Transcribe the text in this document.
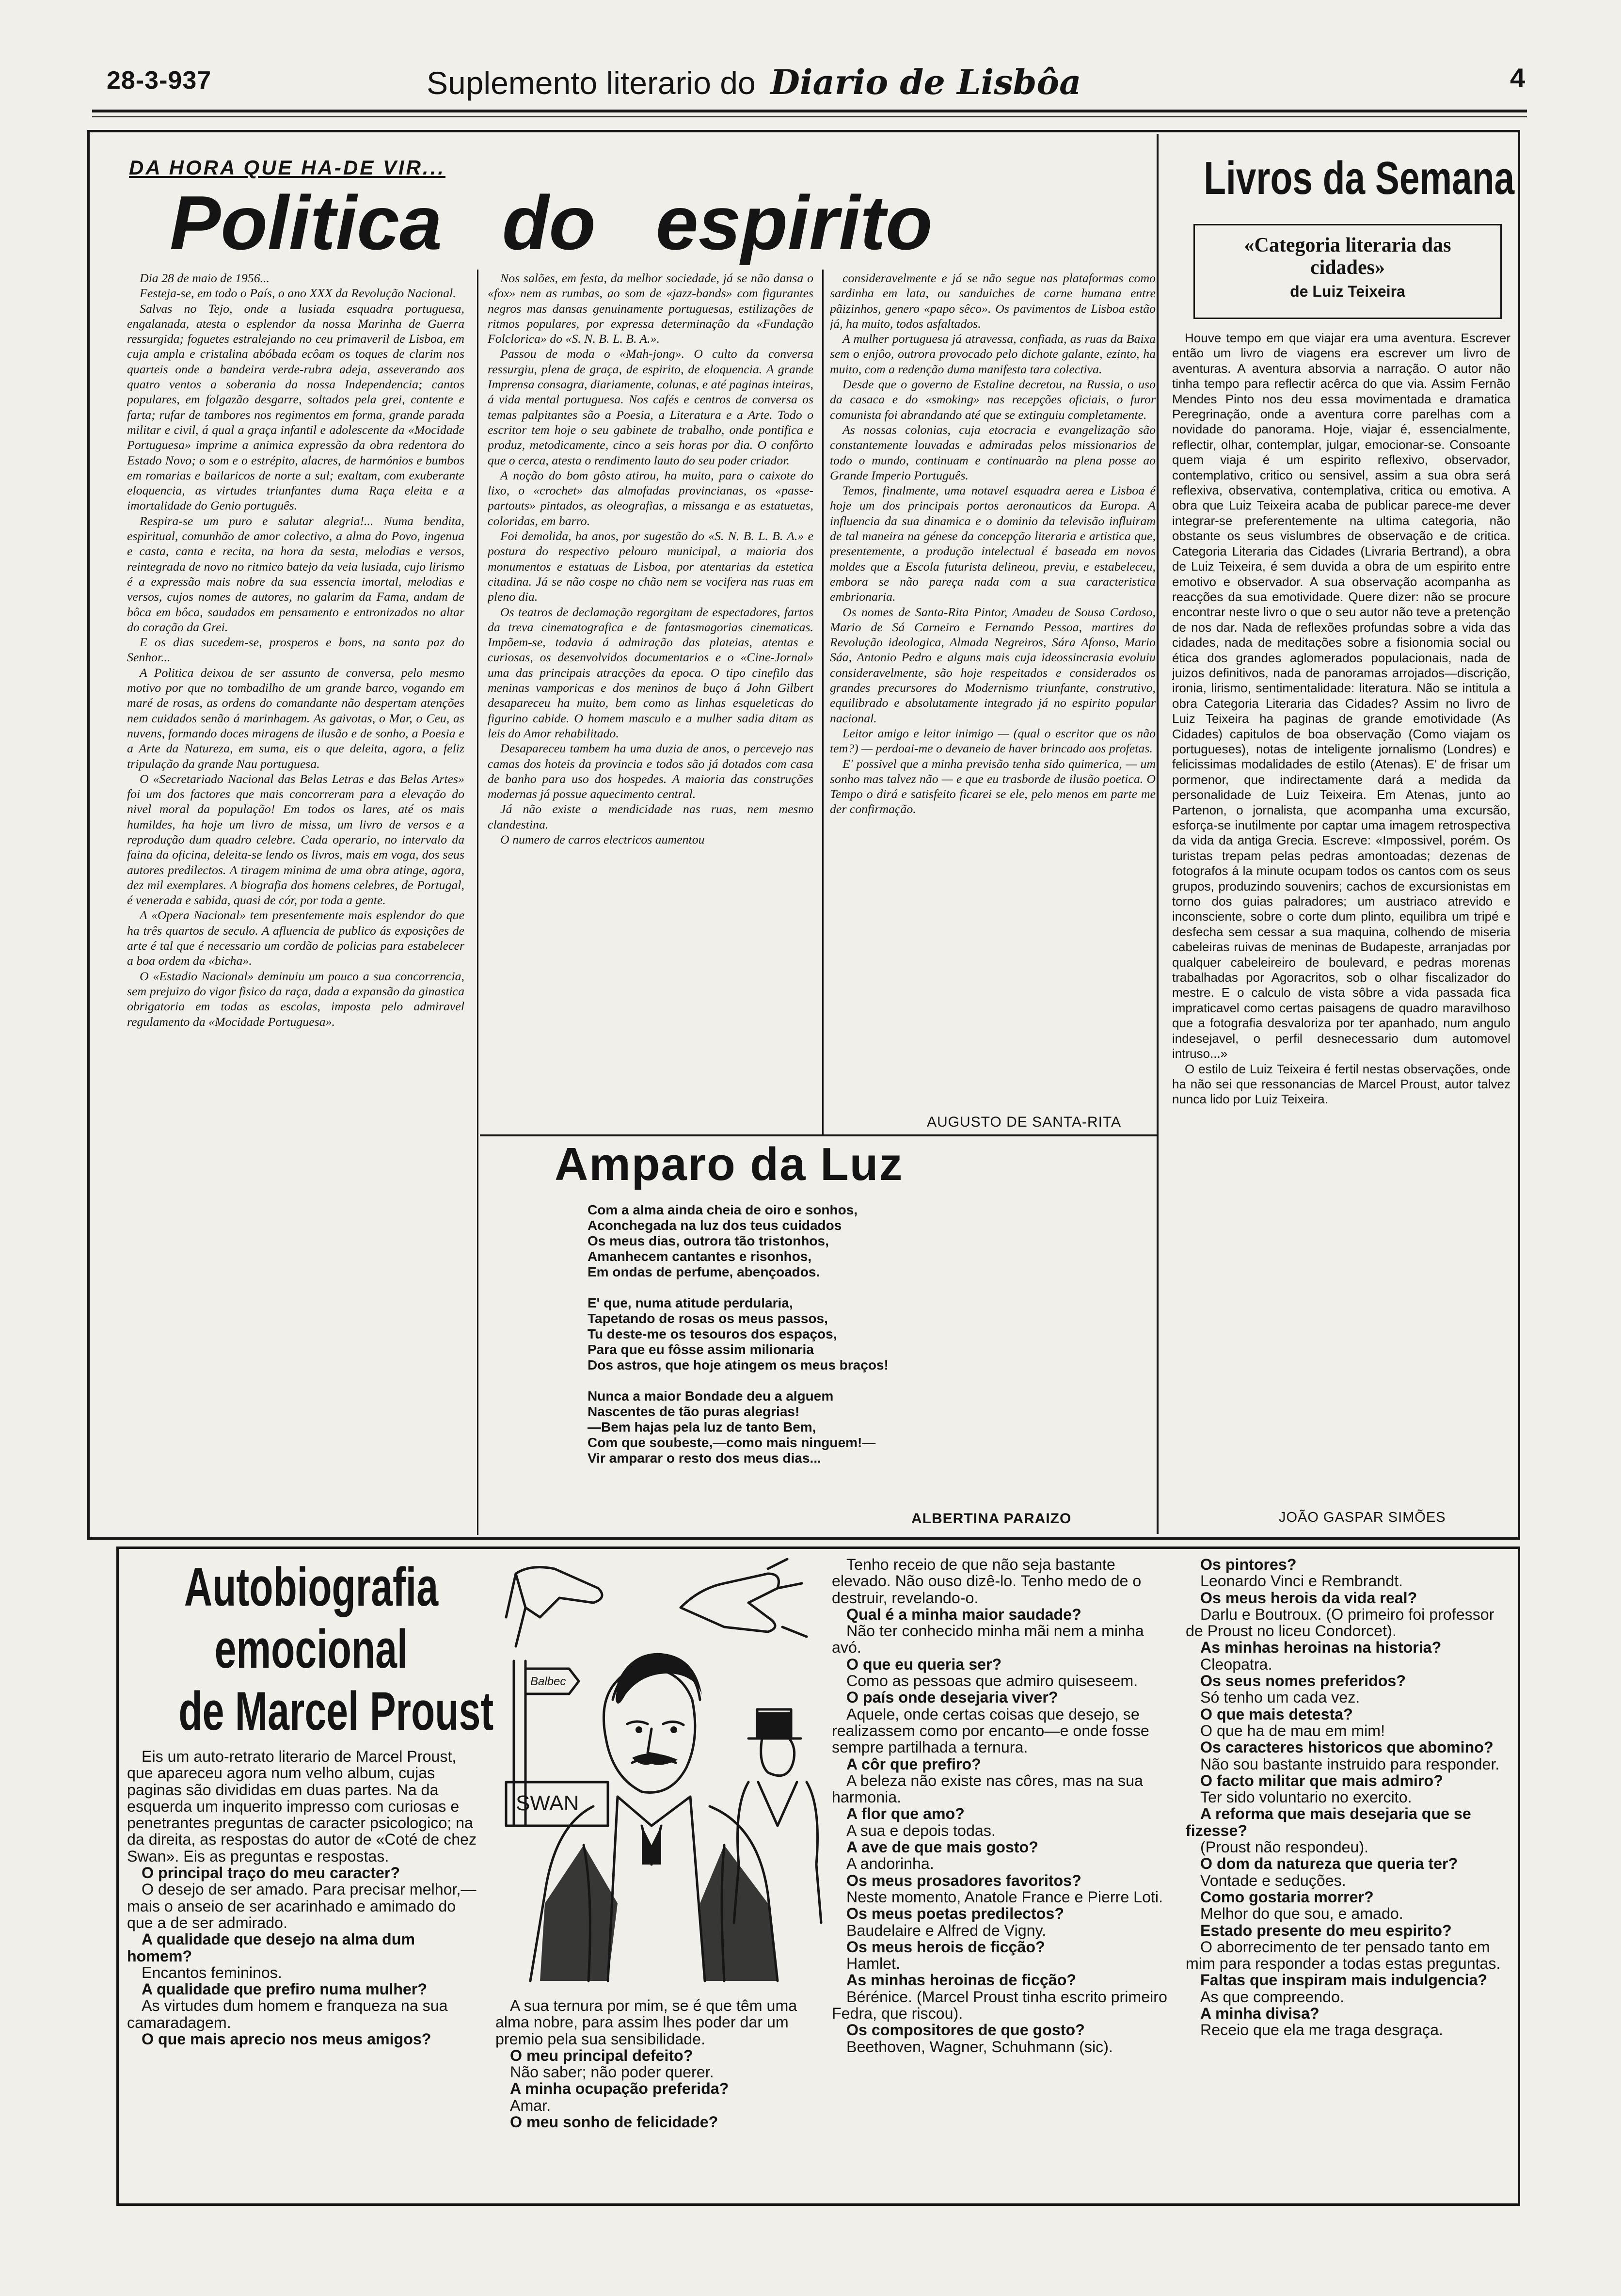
28-3-937	Suplemento literario do Diario de Lisbôa	4
DA HORA QUE HA-DE VIR...
Politica do espirito

Dia 28 de maio de 1956...

Festeja-se, em todo o País, o ano XXX da Revolução Nacional.

Salvas no Tejo, onde a lusiada esquadra portuguesa, engalanada, atesta o esplendor da nossa Marinha de Guerra ressurgida; foguetes estralejando no ceu primaveril de Lisboa, em cuja ampla e cristalina abóbada ecôam os toques de clarim nos quarteis onde a bandeira verde-rubra adeja, asseverando aos quatro ventos a soberania da nossa Independencia; cantos populares, em folgazão desgarre, soltados pela grei, contente e farta; rufar de tambores nos regimentos em forma, grande parada militar e civil, á qual a graça infantil e adolescente da «Mocidade Portuguesa» imprime a animica expressão da obra redentora do Estado Novo; o som e o estrépito, alacres, de harmónios e bumbos em romarias e bailaricos de norte a sul; exaltam, com exuberante eloquencia, as virtudes triunfantes duma Raça eleita e a imortalidade do Genio português.

Respira-se um puro e salutar alegria!... Numa bendita, espiritual, comunhão de amor colectivo, a alma do Povo, ingenua e casta, canta e recita, na hora da sesta, melodias e versos, reintegrada de novo no ritmico batejo da veia lusiada, cujo lirismo é a expressão mais nobre da sua essencia imortal, melodias e versos, cujos nomes de autores, no galarim da Fama, andam de bôca em bôca, saudados em pensamento e entronizados no altar do coração da Grei.

E os dias sucedem-se, prosperos e bons, na santa paz do Senhor...

A Politica deixou de ser assunto de conversa, pelo mesmo motivo por que no tombadilho de um grande barco, vogando em maré de rosas, as ordens do comandante não despertam atenções nem cuidados senão á marinhagem. As gaivotas, o Mar, o Ceu, as nuvens, formando doces miragens de ilusão e de sonho, a Poesia e a Arte da Natureza, em suma, eis o que deleita, agora, a feliz tripulação da grande Nau portuguesa.

O «Secretariado Nacional das Belas Letras e das Belas Artes» foi um dos factores que mais concorreram para a elevação do nivel moral da população! Em todos os lares, até os mais humildes, ha hoje um livro de missa, um livro de versos e a reprodução dum quadro celebre. Cada operario, no intervalo da faina da oficina, deleita-se lendo os livros, mais em voga, dos seus autores predilectos. A tiragem minima de uma obra atinge, agora, dez mil exemplares. A biografia dos homens celebres, de Portugal, é venerada e sabida, quasi de cór, por toda a gente.

A «Opera Nacional» tem presentemente mais esplendor do que ha três quartos de seculo. A afluencia de publico ás exposições de arte é tal que é necessario um cordão de policias para estabelecer a boa ordem da «bicha».

O «Estadio Nacional» deminuiu um pouco a sua concorrencia, sem prejuizo do vigor fisico da raça, dada a expansão da ginastica obrigatoria em todas as escolas, imposta pelo admiravel regulamento da «Mocidade Portuguesa».

Nos salões, em festa, da melhor sociedade, já se não dansa o «fox» nem as rumbas, ao som de «jazz-bands» com figurantes negros mas dansas genuinamente portuguesas, estilizações de ritmos populares, por expressa determinação da «Fundação Folclorica» do «S. N. B. L. B. A.».

Passou de moda o «Mah-jong». O culto da conversa ressurgiu, plena de graça, de espirito, de eloquencia. A grande Imprensa consagra, diariamente, colunas, e até paginas inteiras, á vida mental portuguesa. Nos cafés e centros de conversa os temas palpitantes são a Poesia, a Literatura e a Arte. Todo o escritor tem hoje o seu gabinete de trabalho, onde pontifica e produz, metodicamente, cinco a seis horas por dia. O confôrto que o cerca, atesta o rendimento lauto do seu poder criador.

A noção do bom gôsto atirou, ha muito, para o caixote do lixo, o «crochet» das almofadas provincianas, os «passe-partouts» pintados, as oleografias, a missanga e as estatuetas, coloridas, em barro.

Foi demolida, ha anos, por sugestão do «S. N. B. L. B. A.» e postura do respectivo pelouro municipal, a maioria dos monumentos e estatuas de Lisboa, por atentarias da estetica citadina. Já se não cospe no chão nem se vocifera nas ruas em pleno dia.

Os teatros de declamação regorgitam de espectadores, fartos da treva cinematografica e de fantasmagorias cinematicas. Impõem-se, todavia á admiração das plateias, atentas e curiosas, os desenvolvidos documentarios e o «Cine-Jornal» uma das principais atracções da epoca. O tipo cinefilo das meninas vamporicas e dos meninos de buço á John Gilbert desapareceu ha muito, bem como as linhas esqueleticas do figurino cabide. O homem masculo e a mulher sadia ditam as leis do Amor rehabilitado.

Desapareceu tambem ha uma duzia de anos, o percevejo nas camas dos hoteis da provincia e todos são já dotados com casa de banho para uso dos hospedes. A maioria das construções modernas já possue aquecimento central.

Já não existe a mendicidade nas ruas, nem mesmo clandestina.

O numero de carros electricos aumentou

consideravelmente e já se não segue nas plataformas como sardinha em lata, ou sanduiches de carne humana entre pãizinhos, genero «papo sêco». Os pavimentos de Lisboa estão já, ha muito, todos asfaltados.

A mulher portuguesa já atravessa, confiada, as ruas da Baixa sem o enjôo, outrora provocado pelo dichote galante, ezinto, ha muito, com a redenção duma manifesta tara colectiva.

Desde que o governo de Estaline decretou, na Russia, o uso da casaca e do «smoking» nas recepções oficiais, o furor comunista foi abrandando até que se extinguiu completamente.

As nossas colonias, cuja etocracia e evangelização são constantemente louvadas e admiradas pelos missionarios de todo o mundo, continuam e continuarão na plena posse ao Grande Imperio Português.

Temos, finalmente, uma notavel esquadra aerea e Lisboa é hoje um dos principais portos aeronauticos da Europa. A influencia da sua dinamica e o dominio da televisão influiram de tal maneira na génese da concepção literaria e artistica que, presentemente, a produção intelectual é baseada em novos moldes que a Escola futurista delineou, previu, e estabeleceu, embora se não pareça nada com a sua caracteristica embrionaria.

Os nomes de Santa-Rita Pintor, Amadeu de Sousa Cardoso, Mario de Sá Carneiro e Fernando Pessoa, martires da Revolução ideologica, Almada Negreiros, Sára Afonso, Mario Sáa, Antonio Pedro e alguns mais cuja ideossincrasia evoluiu consideravelmente, são hoje respeitados e considerados os grandes precursores do Modernismo triunfante, construtivo, equilibrado e absolutamente integrado já no espirito popular nacional.

Leitor amigo e leitor inimigo — (qual o escritor que os não tem?) — perdoai-me o devaneio de haver brincado aos profetas.

E' possivel que a minha previsão tenha sido quimerica, — um sonho mas talvez não — e que eu trasborde de ilusão poetica. O Tempo o dirá e satisfeito ficarei se ele, pelo menos em parte me der confirmação.

AUGUSTO DE SANTA-RITA
Livros da Semana
«Categoria literaria das cidades»
de Luiz Teixeira

Houve tempo em que viajar era uma aventura. Escrever então um livro de viagens era escrever um livro de aventuras. A aventura absorvia a narração. O autor não tinha tempo para reflectir acêrca do que via. Assim Fernão Mendes Pinto nos deu essa movimentada e dramatica Peregrinação, onde a aventura corre parelhas com a novidade do panorama. Hoje, viajar é, essencialmente, reflectir, olhar, contemplar, julgar, emocionar-se. Consoante quem viaja é um espirito reflexivo, observador, contemplativo, critico ou sensivel, assim a sua obra será reflexiva, observativa, contemplativa, critica ou emotiva. A obra que Luiz Teixeira acaba de publicar parece-me dever integrar-se preferentemente na ultima categoria, não obstante os seus vislumbres de observação e de critica. Categoria Literaria das Cidades (Livraria Bertrand), a obra de Luiz Teixeira, é sem duvida a obra de um espirito entre emotivo e observador. A sua observação acompanha as reacções da sua emotividade. Quere dizer: não se procure encontrar neste livro o que o seu autor não teve a pretenção de nos dar. Nada de reflexões profundas sobre a vida das cidades, nada de meditações sobre a fisionomia social ou ética dos grandes aglomerados populacionais, nada de juizos definitivos, nada de panoramas arrojados—discrição, ironia, lirismo, sentimentalidade: literatura. Não se intitula a obra Categoria Literaria das Cidades? Assim no livro de Luiz Teixeira ha paginas de grande emotividade (As Cidades) capitulos de boa observação (Como viajam os portugueses), notas de inteligente jornalismo (Londres) e felicissimas modalidades de estilo (Atenas). E' de frisar um pormenor, que indirectamente dará a medida da personalidade de Luiz Teixeira. Em Atenas, junto ao Partenon, o jornalista, que acompanha uma excursão, esforça-se inutilmente por captar uma imagem retrospectiva da vida da antiga Grecia. Escreve: «Impossivel, porém. Os turistas trepam pelas pedras amontoadas; dezenas de fotografos á la minute ocupam todos os cantos com os seus grupos, produzindo souvenirs; cachos de excursionistas em torno dos guias palradores; um austriaco atrevido e inconsciente, sobre o corte dum plinto, equilibra um tripé e desfecha sem cessar a sua maquina, colhendo de miseria cabeleiras ruivas de meninas de Budapeste, arranjadas por qualquer cabeleireiro de boulevard, e pedras morenas trabalhadas por Agoracritos, sob o olhar fiscalizador do mestre. E o calculo de vista sôbre a vida passada fica impraticavel como certas paisagens de quadro maravilhoso que a fotografia desvaloriza por ter apanhado, num angulo indesejavel, o perfil desnecessario dum automovel intruso...»

O estilo de Luiz Teixeira é fertil nestas observações, onde ha não sei que ressonancias de Marcel Proust, autor talvez nunca lido por Luiz Teixeira.

JOÃO GASPAR SIMÕES
Amparo da Luz
Com a alma ainda cheia de oiro e sonhos,
Aconchegada na luz dos teus cuidados
Os meus dias, outrora tão tristonhos,
Amanhecem cantantes e risonhos,
Em ondas de perfume, abençoados.
E' que, numa atitude perdularia,
Tapetando de rosas os meus passos,
Tu deste-me os tesouros dos espaços,
Para que eu fôsse assim milionaria
Dos astros, que hoje atingem os meus braços!
Nunca a maior Bondade deu a alguem
Nascentes de tão puras alegrias!
—Bem hajas pela luz de tanto Bem,
Com que soubeste,—como mais ninguem!—
Vir amparar o resto dos meus dias...
ALBERTINA PARAIZO
Autobiografia
emocional
de Marcel Proust

Eis um auto-retrato literario de Marcel Proust, que apareceu agora num velho album, cujas paginas são divididas em duas partes. Na da esquerda um inquerito impresso com curiosas e penetrantes preguntas de caracter psicologico; na da direita, as respostas do autor de «Coté de chez Swan». Eis as preguntas e respostas.

O principal traço do meu caracter?

O desejo de ser amado. Para precisar melhor,—mais o anseio de ser acarinhado e amimado do que a de ser admirado.

A qualidade que desejo na alma dum homem?

Encantos femininos.

A qualidade que prefiro numa mulher?

As virtudes dum homem e franqueza na sua camaradagem.

O que mais aprecio nos meus amigos?

Balbec
SWAN

A sua ternura por mim, se é que têm uma alma nobre, para assim lhes poder dar um premio pela sua sensibilidade.

O meu principal defeito?

Não saber; não poder querer.

A minha ocupação preferida?

Amar.

O meu sonho de felicidade?

Tenho receio de que não seja bastante elevado. Não ouso dizê-lo. Tenho medo de o destruir, revelando-o.

Qual é a minha maior saudade?

Não ter conhecido minha mãi nem a minha avó.

O que eu queria ser?

Como as pessoas que admiro quiseseem.

O país onde desejaria viver?

Aquele, onde certas coisas que desejo, se realizassem como por encanto—e onde fosse sempre partilhada a ternura.

A côr que prefiro?

A beleza não existe nas côres, mas na sua harmonia.

A flor que amo?

A sua e depois todas.

A ave de que mais gosto?

A andorinha.

Os meus prosadores favoritos?

Neste momento, Anatole France e Pierre Loti.

Os meus poetas predilectos?

Baudelaire e Alfred de Vigny.

Os meus herois de ficção?

Hamlet.

As minhas heroinas de ficção?

Bérénice. (Marcel Proust tinha escrito primeiro Fedra, que riscou).

Os compositores de que gosto?

Beethoven, Wagner, Schuhmann (sic).

Os pintores?

Leonardo Vinci e Rembrandt.

Os meus herois da vida real?

Darlu e Boutroux. (O primeiro foi professor de Proust no liceu Condorcet).

As minhas heroinas na historia?

Cleopatra.

Os seus nomes preferidos?

Só tenho um cada vez.

O que mais detesta?

O que ha de mau em mim!

Os caracteres historicos que abomino?

Não sou bastante instruido para responder.

O facto militar que mais admiro?

Ter sido voluntario no exercito.

A reforma que mais desejaria que se fizesse?

(Proust não respondeu).

O dom da natureza que queria ter?

Vontade e seduções.

Como gostaria morrer?

Melhor do que sou, e amado.

Estado presente do meu espirito?

O aborrecimento de ter pensado tanto em mim para responder a todas estas preguntas.

Faltas que inspiram mais indulgencia?

As que compreendo.

A minha divisa?

Receio que ela me traga desgraça.
